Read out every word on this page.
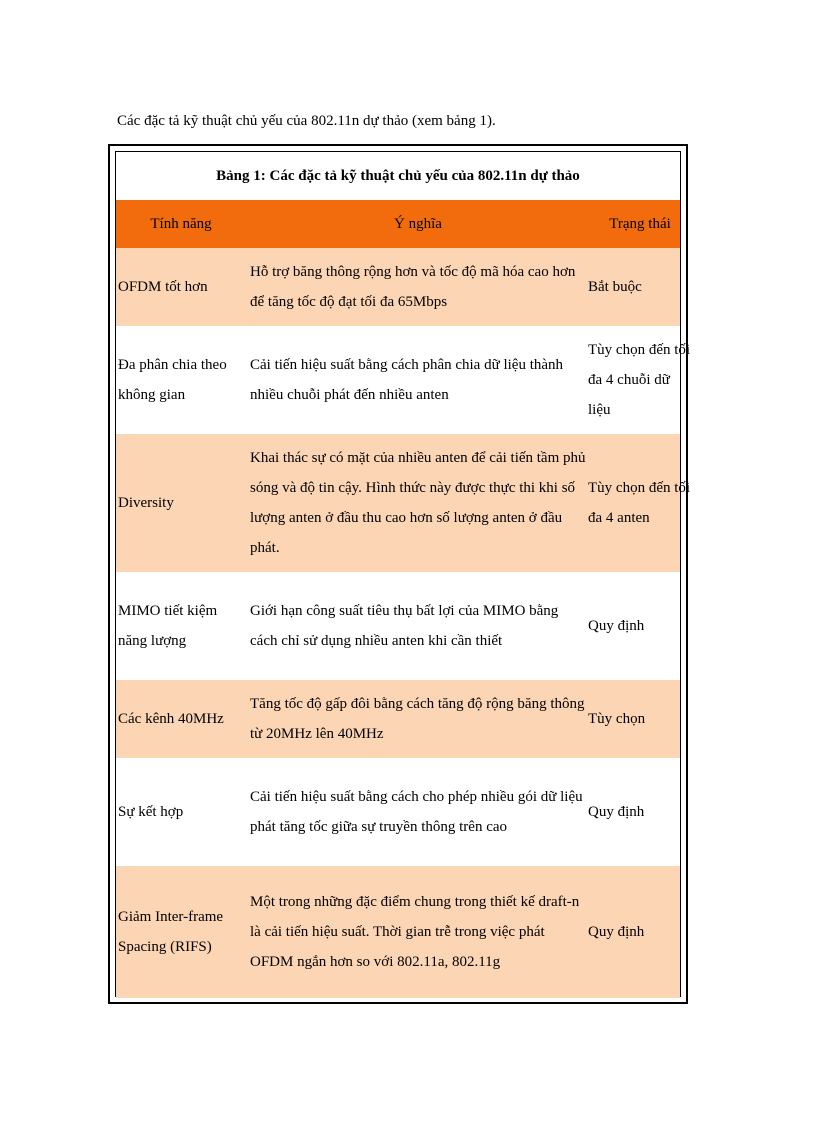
Các đặc tả kỹ thuật chủ yếu của 802.11n dự thảo (xem bảng 1).
Bảng 1: Các đặc tả kỹ thuật chủ yếu của 802.11n dự thảo
Tính năng	Ý nghĩa	Trạng thái
OFDM tốt hơn
Hỗ trợ băng thông rộng hơn và tốc độ mã hóa cao hơn để tăng tốc độ đạt tối đa 65Mbps
Bắt buộc
Đa phân chia theo không gian
Cải tiến hiệu suất bằng cách phân chia dữ liệu thành nhiều chuỗi phát đến nhiều anten
Tùy chọn đến tối đa 4 chuỗi dữ liệu
Diversity
Khai thác sự có mặt của nhiều anten để cải tiến tầm phủ sóng và độ tin cậy. Hình thức này được thực thi khi số lượng anten ở đầu thu cao hơn số lượng anten ở đầu phát.
Tùy chọn đến tối đa 4 anten
MIMO tiết kiệm năng lượng
Giới hạn công suất tiêu thụ bất lợi của MIMO bằng cách chỉ sử dụng nhiều anten khi cần thiết
Quy định
Các kênh 40MHz
Tăng tốc độ gấp đôi bằng cách tăng độ rộng băng thông từ 20MHz lên 40MHz
Tùy chọn
Sự kết hợp
Cải tiến hiệu suất bằng cách cho phép nhiều gói dữ liệu phát tăng tốc giữa sự truyền thông trên cao
Quy định
Giảm Inter-frame Spacing (RIFS)
Một trong những đặc điểm chung trong thiết kế draft-n là cải tiến hiệu suất. Thời gian trễ trong việc phát OFDM ngắn hơn so với 802.11a, 802.11g
Quy định
